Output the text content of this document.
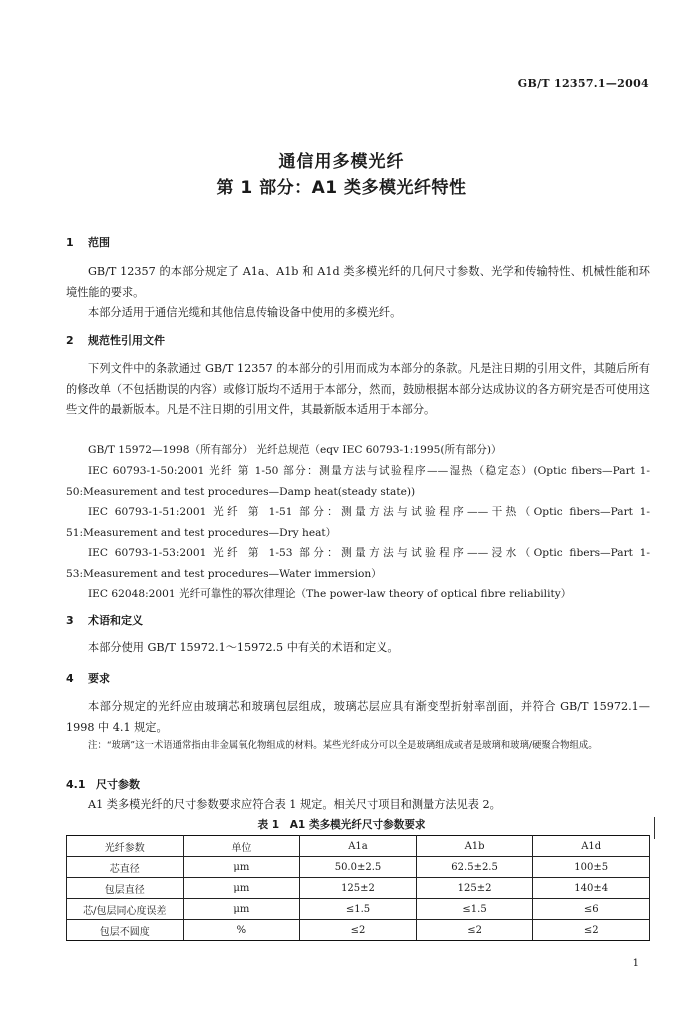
GB/T 12357.1—2004
通信用多模光纤
第 1 部分：A1 类多模光纤特性
1 范围
GB/T 12357 的本部分规定了 A1a、A1b 和 A1d 类多模光纤的几何尺寸参数、光学和传输特性、机械性能和环境性能的要求。
本部分适用于通信光缆和其他信息传输设备中使用的多模光纤。
2 规范性引用文件
下列文件中的条款通过 GB/T 12357 的本部分的引用而成为本部分的条款。凡是注日期的引用文件，其随后所有的修改单（不包括勘误的内容）或修订版均不适用于本部分，然而，鼓励根据本部分达成协议的各方研究是否可使用这些文件的最新版本。凡是不注日期的引用文件，其最新版本适用于本部分。
GB/T 15972—1998（所有部分） 光纤总规范（eqv IEC 60793-1:1995(所有部分)）
IEC 60793-1-50:2001 光纤 第 1-50 部分：测量方法与试验程序——湿热（稳定态）(Optic fibers—Part 1-50:Measurement and test procedures—Damp heat(steady state))
IEC 60793-1-51:2001 光纤 第 1-51 部分：测量方法与试验程序——干热（Optic fibers—Part 1-51:Measurement and test procedures—Dry heat）
IEC 60793-1-53:2001 光纤 第 1-53 部分：测量方法与试验程序——浸水（Optic fibers—Part 1-53:Measurement and test procedures—Water immersion）
IEC 62048:2001 光纤可靠性的幂次律理论（The power-law theory of optical fibre reliability）
3 术语和定义
本部分使用 GB/T 15972.1～15972.5 中有关的术语和定义。
4 要求
本部分规定的光纤应由玻璃芯和玻璃包层组成，玻璃芯层应具有渐变型折射率剖面，并符合 GB/T 15972.1—1998 中 4.1 规定。
注：“玻璃”这一术语通常指由非金属氧化物组成的材料。某些光纤成分可以全是玻璃组成或者是玻璃和玻璃/硬聚合物组成。
4.1 尺寸参数
A1 类多模光纤的尺寸参数要求应符合表 1 规定。相关尺寸项目和测量方法见表 2。
表 1　A1 类多模光纤尺寸参数要求
光纤参数	单位	A1a	A1b	A1d
芯直径	μm	50.0±2.5	62.5±2.5	100±5
包层直径	μm	125±2	125±2	140±4
芯/包层同心度误差	μm	≤1.5	≤1.5	≤6
包层不圆度	%	≤2	≤2	≤2
1
